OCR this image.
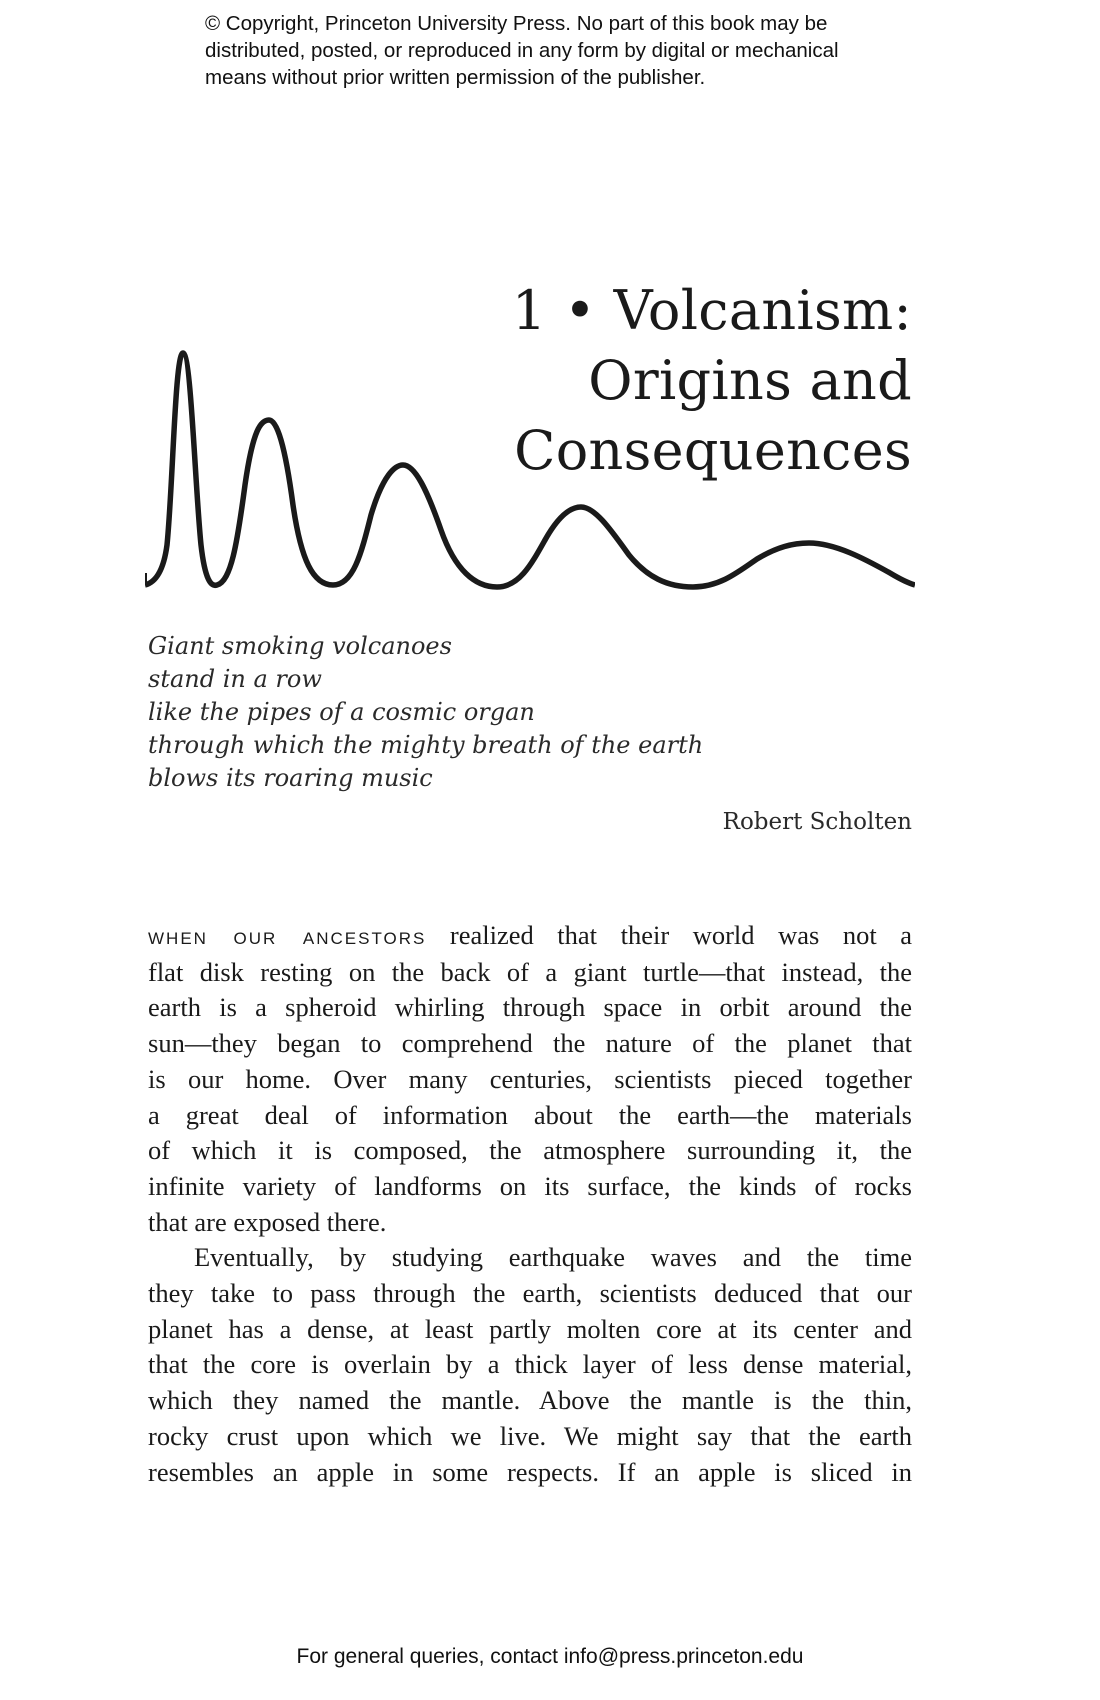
© Copyright, Princeton University Press. No part of this book may be
distributed, posted, or reproduced in any form by digital or mechanical
means without prior written permission of the publisher.
1 • Volcanism:
Origins and
Consequences
Giant smoking volcanoes
stand in a row
like the pipes of a cosmic organ
through which the mighty breath of the earth
blows its roaring music
Robert Scholten

when our ancestors realized that their world was not a
flat disk resting on the back of a giant turtle—that instead, the
earth is a spheroid whirling through space in orbit around the
sun—they began to comprehend the nature of the planet that
is our home. Over many centuries, scientists pieced together
a great deal of information about the earth—the materials
of which it is composed, the atmosphere surrounding it, the
infinite variety of landforms on its surface, the kinds of rocks
that are exposed there.

Eventually, by studying earthquake waves and the time
they take to pass through the earth, scientists deduced that our
planet has a dense, at least partly molten core at its center and
that the core is overlain by a thick layer of less dense material,
which they named the mantle. Above the mantle is the thin,
rocky crust upon which we live. We might say that the earth
resembles an apple in some respects. If an apple is sliced in

For general queries, contact info@press.princeton.edu
